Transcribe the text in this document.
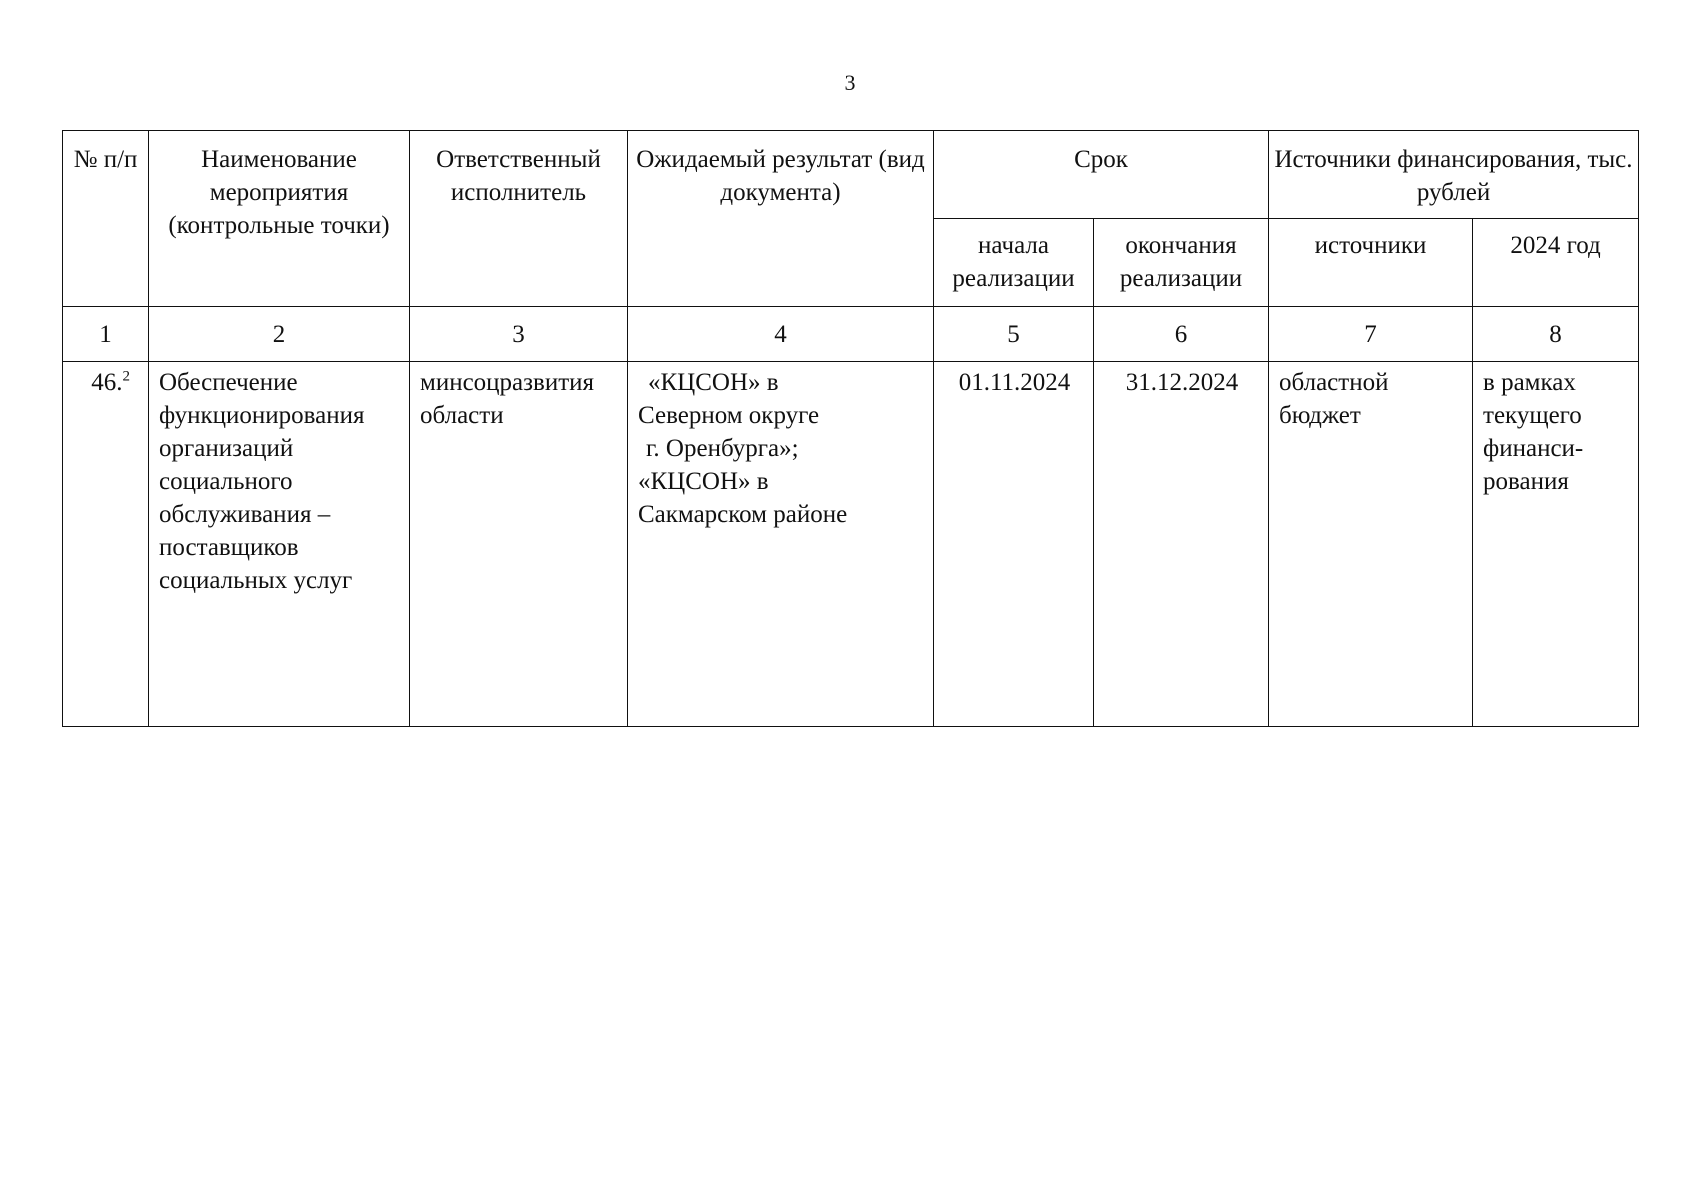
3
№ п/п	Наименование мероприятия (контрольные точки)	Ответственный исполнитель	Ожидаемый результат (вид документа)	Срок		Источники финансирования, тыс. рублей	
				начала реализации	окончания реализации	источники	2024 год
1	2	3	4	5	6	7	8
46.$^2$	Обеспечение функционирования организаций социального обслуживания – поставщиков социальных услуг	минсоцразвития области	«КЦСОН» в
Северном округе
г. Оренбурга»;
«КЦСОН» в
Сакмарском районе	01.11.2024	31.12.2024	областной бюджет	в рамках текущего финанси-рования
